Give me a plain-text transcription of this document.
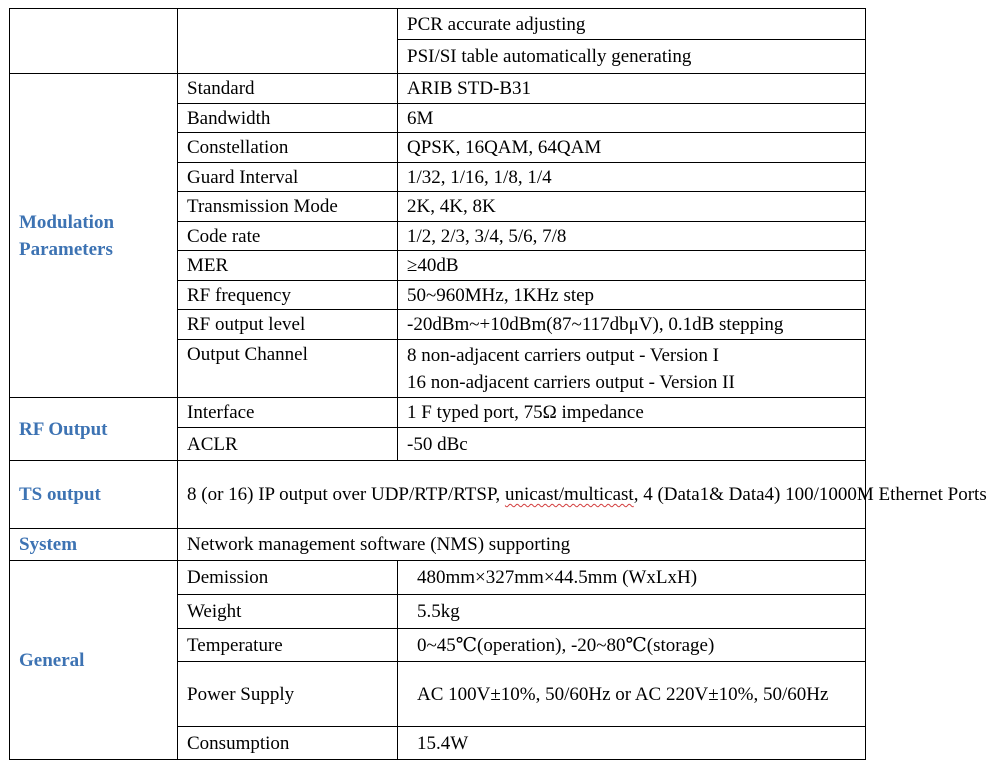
		PCR accurate adjusting
		PSI/SI table automatically generating

Modulation
Parameters	Standard	ARIB STD-B31
	Bandwidth	6M
	Constellation	QPSK, 16QAM, 64QAM
	Guard Interval	1/32, 1/16, 1/8, 1/4
	Transmission Mode	2K, 4K, 8K
	Code rate	1/2, 2/3, 3/4, 5/6, 7/8
	MER	≥40dB
	RF frequency	50~960MHz, 1KHz step
	RF output level	-20dBm~+10dBm(87~117dbμV), 0.1dB stepping
	Output Channel	8 non-adjacent carriers output - Version I
16 non-adjacent carriers output - Version II

RF Output	Interface	1 F typed port, 75Ω impedance
	ACLR	-50 dBc
TS output	8 (or 16) IP output over UDP/RTP/RTSP, unicast/multicast, 4 (Data1& Data4) 100/1000M Ethernet Ports	
System	Network management software (NMS) supporting	
General	Demission	480mm×327mm×44.5mm (WxLxH)
	Weight	5.5kg
	Temperature	0~45℃(operation), -20~80℃(storage)
	Power Supply	AC 100V±10%, 50/60Hz or AC 220V±10%, 50/60Hz
	Consumption	15.4W
